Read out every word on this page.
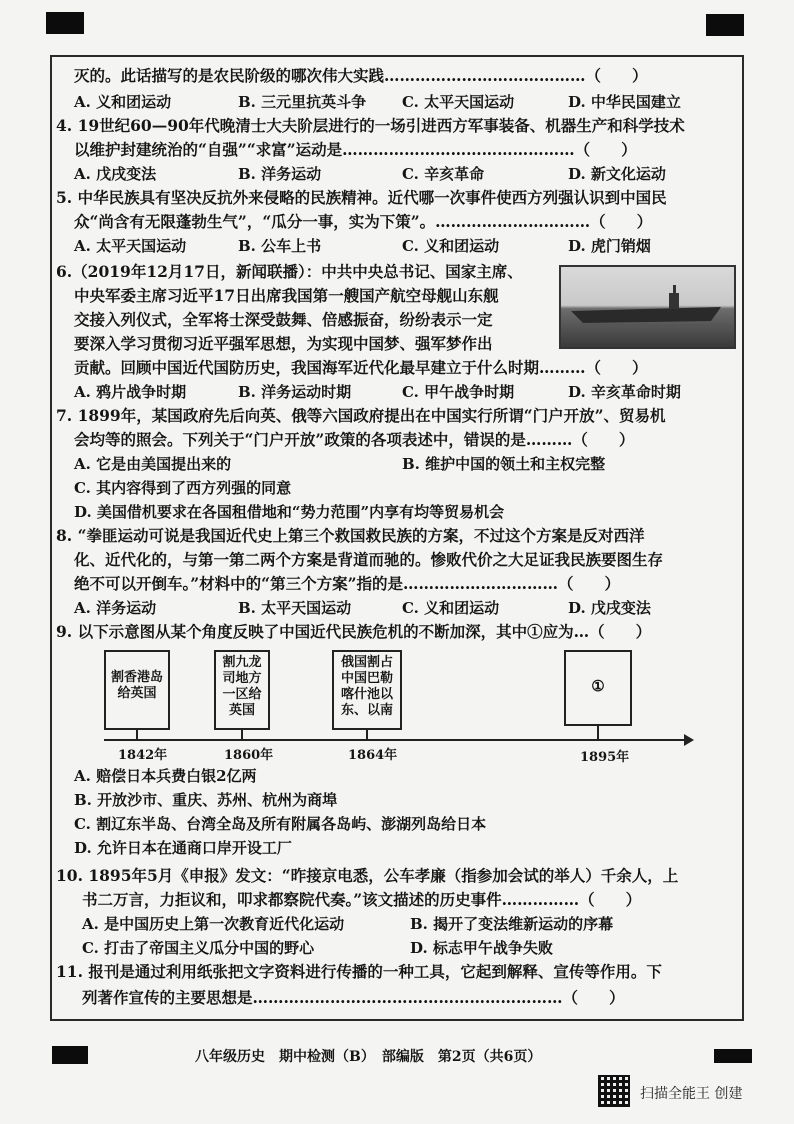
灭的。此话描写的是农民阶级的哪次伟大实践…………………………………（　　）
A. 义和团运动	B. 三元里抗英斗争 C. 太平天国运动	D. 中华民国建立
4. 19世纪60—90年代晚清士大夫阶层进行的一场引进西方军事装备、机器生产和科学技术
以维护封建统治的“自强”“求富”运动是………………………………………（　　）
A. 戊戌变法	B. 洋务运动	C. 辛亥革命	D. 新文化运动
5. 中华民族具有坚决反抗外来侵略的民族精神。近代哪一次事件使西方列强认识到中国民
众“尚含有无限蓬勃生气”，“瓜分一事，实为下策”。…………………………（　　）
A. 太平天国运动	B. 公车上书	C. 义和团运动	D. 虎门销烟
6.（2019年12月17日，新闻联播）：中共中央总书记、国家主席、
中央军委主席习近平17日出席我国第一艘国产航空母舰山东舰
交接入列仪式，全军将士深受鼓舞、倍感振奋，纷纷表示一定
要深入学习贯彻习近平强军思想，为实现中国梦、强军梦作出
贡献。回顾中国近代国防历史，我国海军近代化最早建立于什么时期………（　　）
A. 鸦片战争时期	B. 洋务运动时期	C. 甲午战争时期	D. 辛亥革命时期
7. 1899年，某国政府先后向英、俄等六国政府提出在中国实行所谓“门户开放”、贸易机
会均等的照会。下列关于“门户开放”政策的各项表述中，错误的是………（　　）
A. 它是由美国提出来的	B. 维护中国的领土和主权完整
C. 其内容得到了西方列强的同意
D. 美国借机要求在各国租借地和“势力范围”内享有均等贸易机会
8. “拳匪运动可说是我国近代史上第三个救国救民族的方案，不过这个方案是反对西洋
化、近代化的，与第一第二两个方案是背道而驰的。惨败代价之大足证我民族要图生存
绝不可以开倒车。”材料中的“第三个方案”指的是…………………………（　　）
A. 洋务运动	B. 太平天国运动	C. 义和团运动	D. 戊戌变法
9. 以下示意图从某个角度反映了中国近代民族危机的不断加深，其中①应为…（　　）
割香港岛
给英国
割九龙
司地方
一区给
英国
俄国割占
中国巴勒
喀什池以
东、以南
①
1842年	1860年	1864年	1895年
A. 赔偿日本兵费白银2亿两
B. 开放沙市、重庆、苏州、杭州为商埠
C. 割辽东半岛、台湾全岛及所有附属各岛屿、澎湖列岛给日本
D. 允许日本在通商口岸开设工厂
10. 1895年5月《申报》发文：“昨接京电悉，公车孝廉（指参加会试的举人）千余人，上
书二万言，力拒议和，叩求都察院代奏。”该文描述的历史事件……………（　　）
A. 是中国历史上第一次教育近代化运动	B. 揭开了变法维新运动的序幕
C. 打击了帝国主义瓜分中国的野心	D. 标志甲午战争失败
11. 报刊是通过利用纸张把文字资料进行传播的一种工具，它起到解释、宣传等作用。下
列著作宣传的主要思想是……………………………………………………（　　）
八年级历史　期中检测（B）　部编版　第2页（共6页）
扫描全能王 创建
